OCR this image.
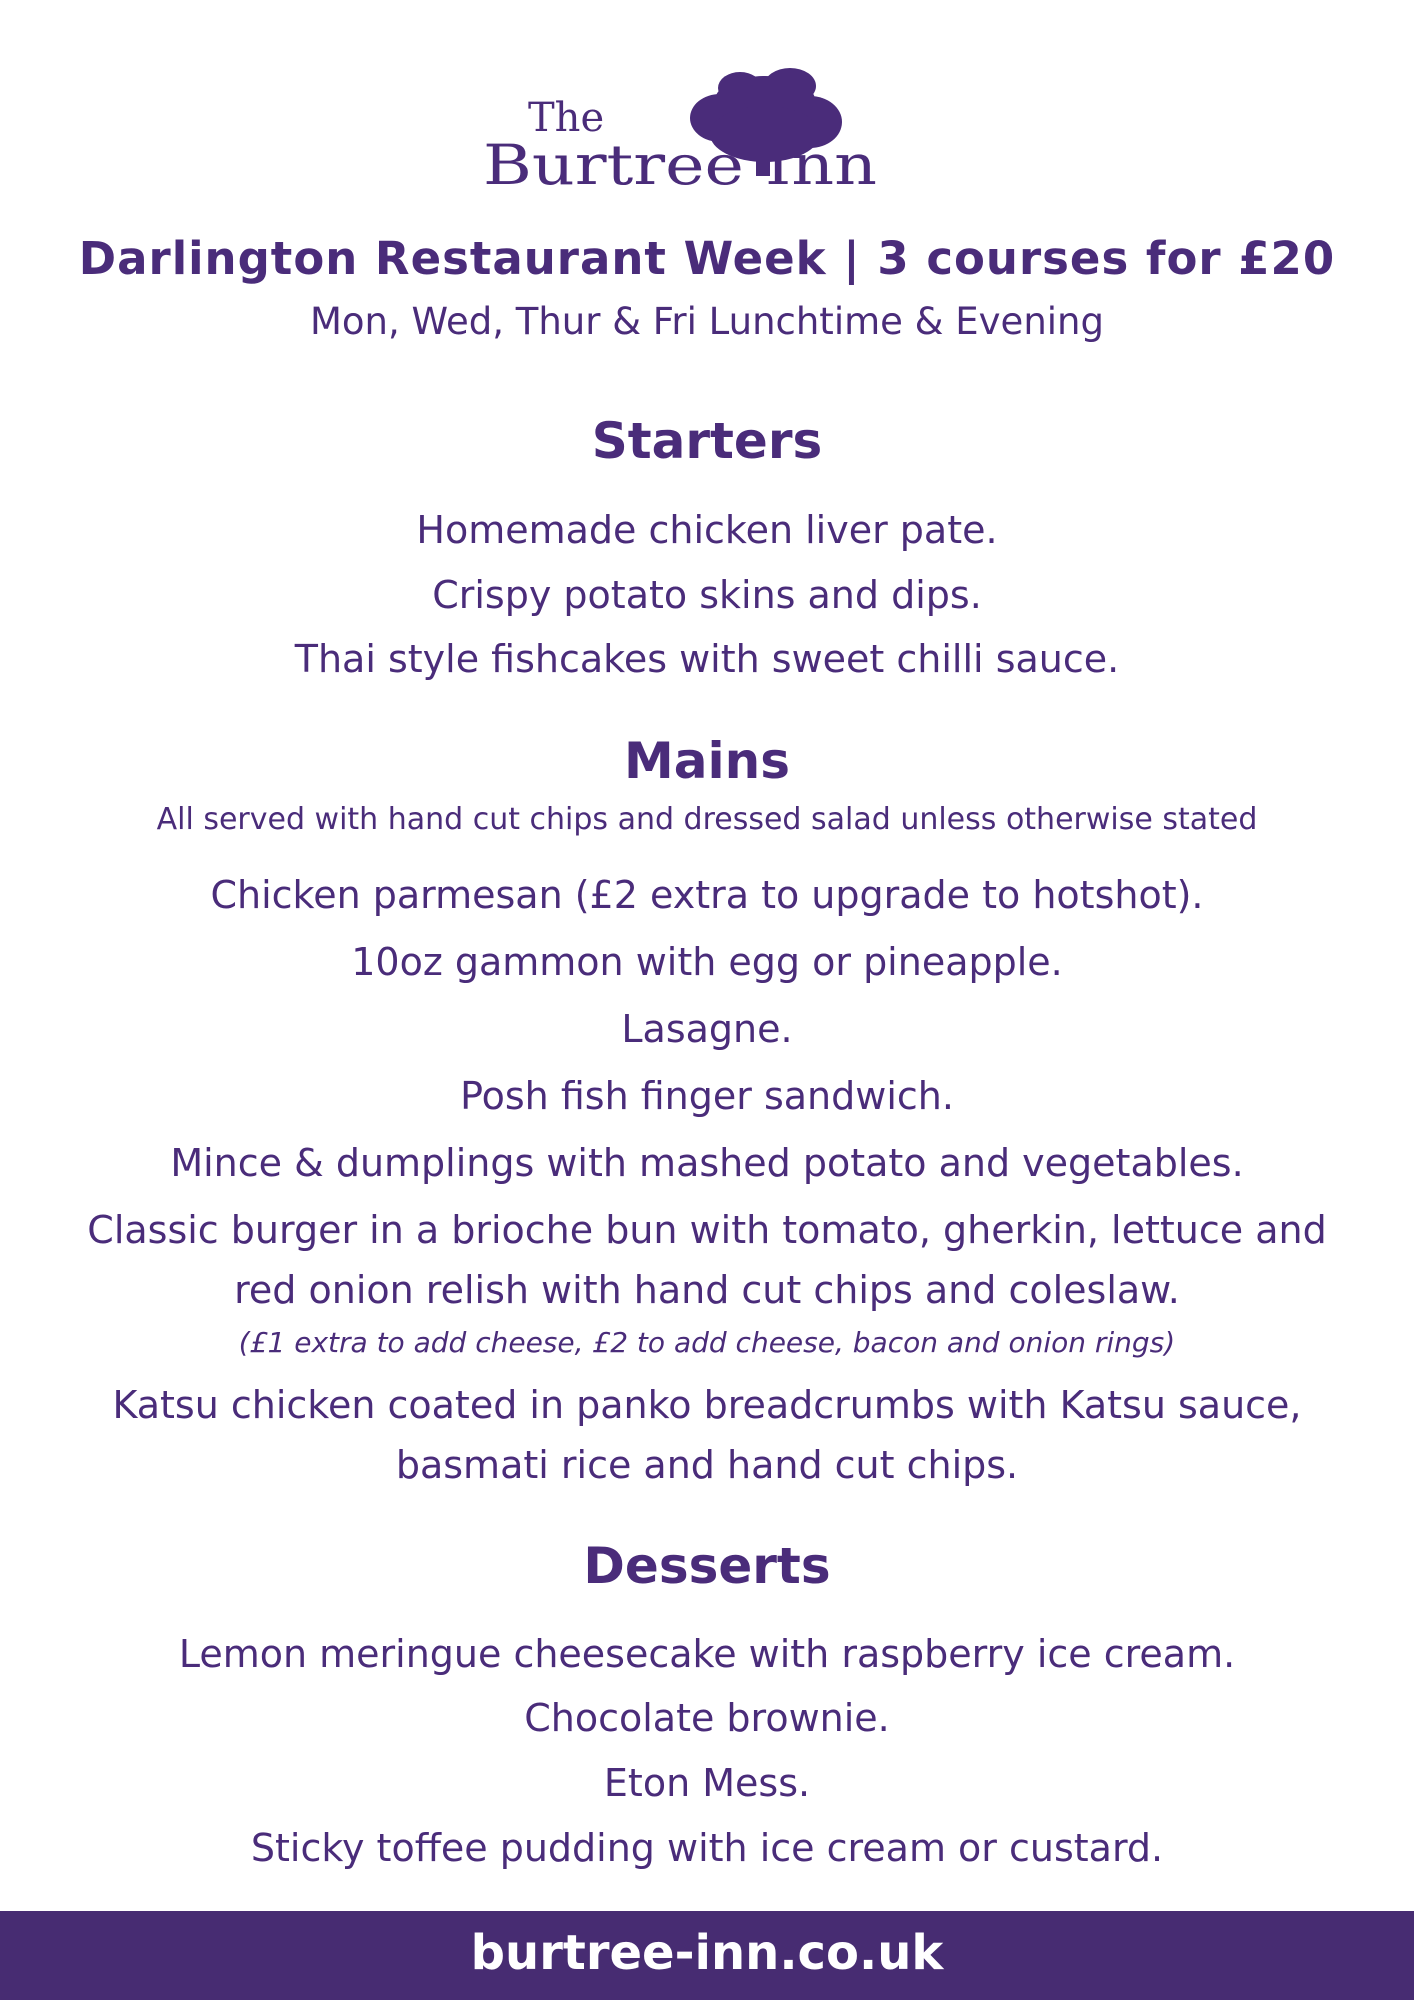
The
Burtree Inn

Darlington Restaurant Week | 3 courses for £20

Mon, Wed, Thur & Fri Lunchtime & Evening

Starters

Homemade chicken liver pate.

Crispy potato skins and dips.

Thai style fishcakes with sweet chilli sauce.

Mains

All served with hand cut chips and dressed salad unless otherwise stated

Chicken parmesan (£2 extra to upgrade to hotshot).

10oz gammon with egg or pineapple.

Lasagne.

Posh fish finger sandwich.

Mince & dumplings with mashed potato and vegetables.

Classic burger in a brioche bun with tomato, gherkin, lettuce and

red onion relish with hand cut chips and coleslaw.

(£1 extra to add cheese, £2 to add cheese, bacon and onion rings)

Katsu chicken coated in panko breadcrumbs with Katsu sauce,

basmati rice and hand cut chips.

Desserts

Lemon meringue cheesecake with raspberry ice cream.

Chocolate brownie.

Eton Mess.

Sticky toffee pudding with ice cream or custard.

burtree-inn.co.uk
